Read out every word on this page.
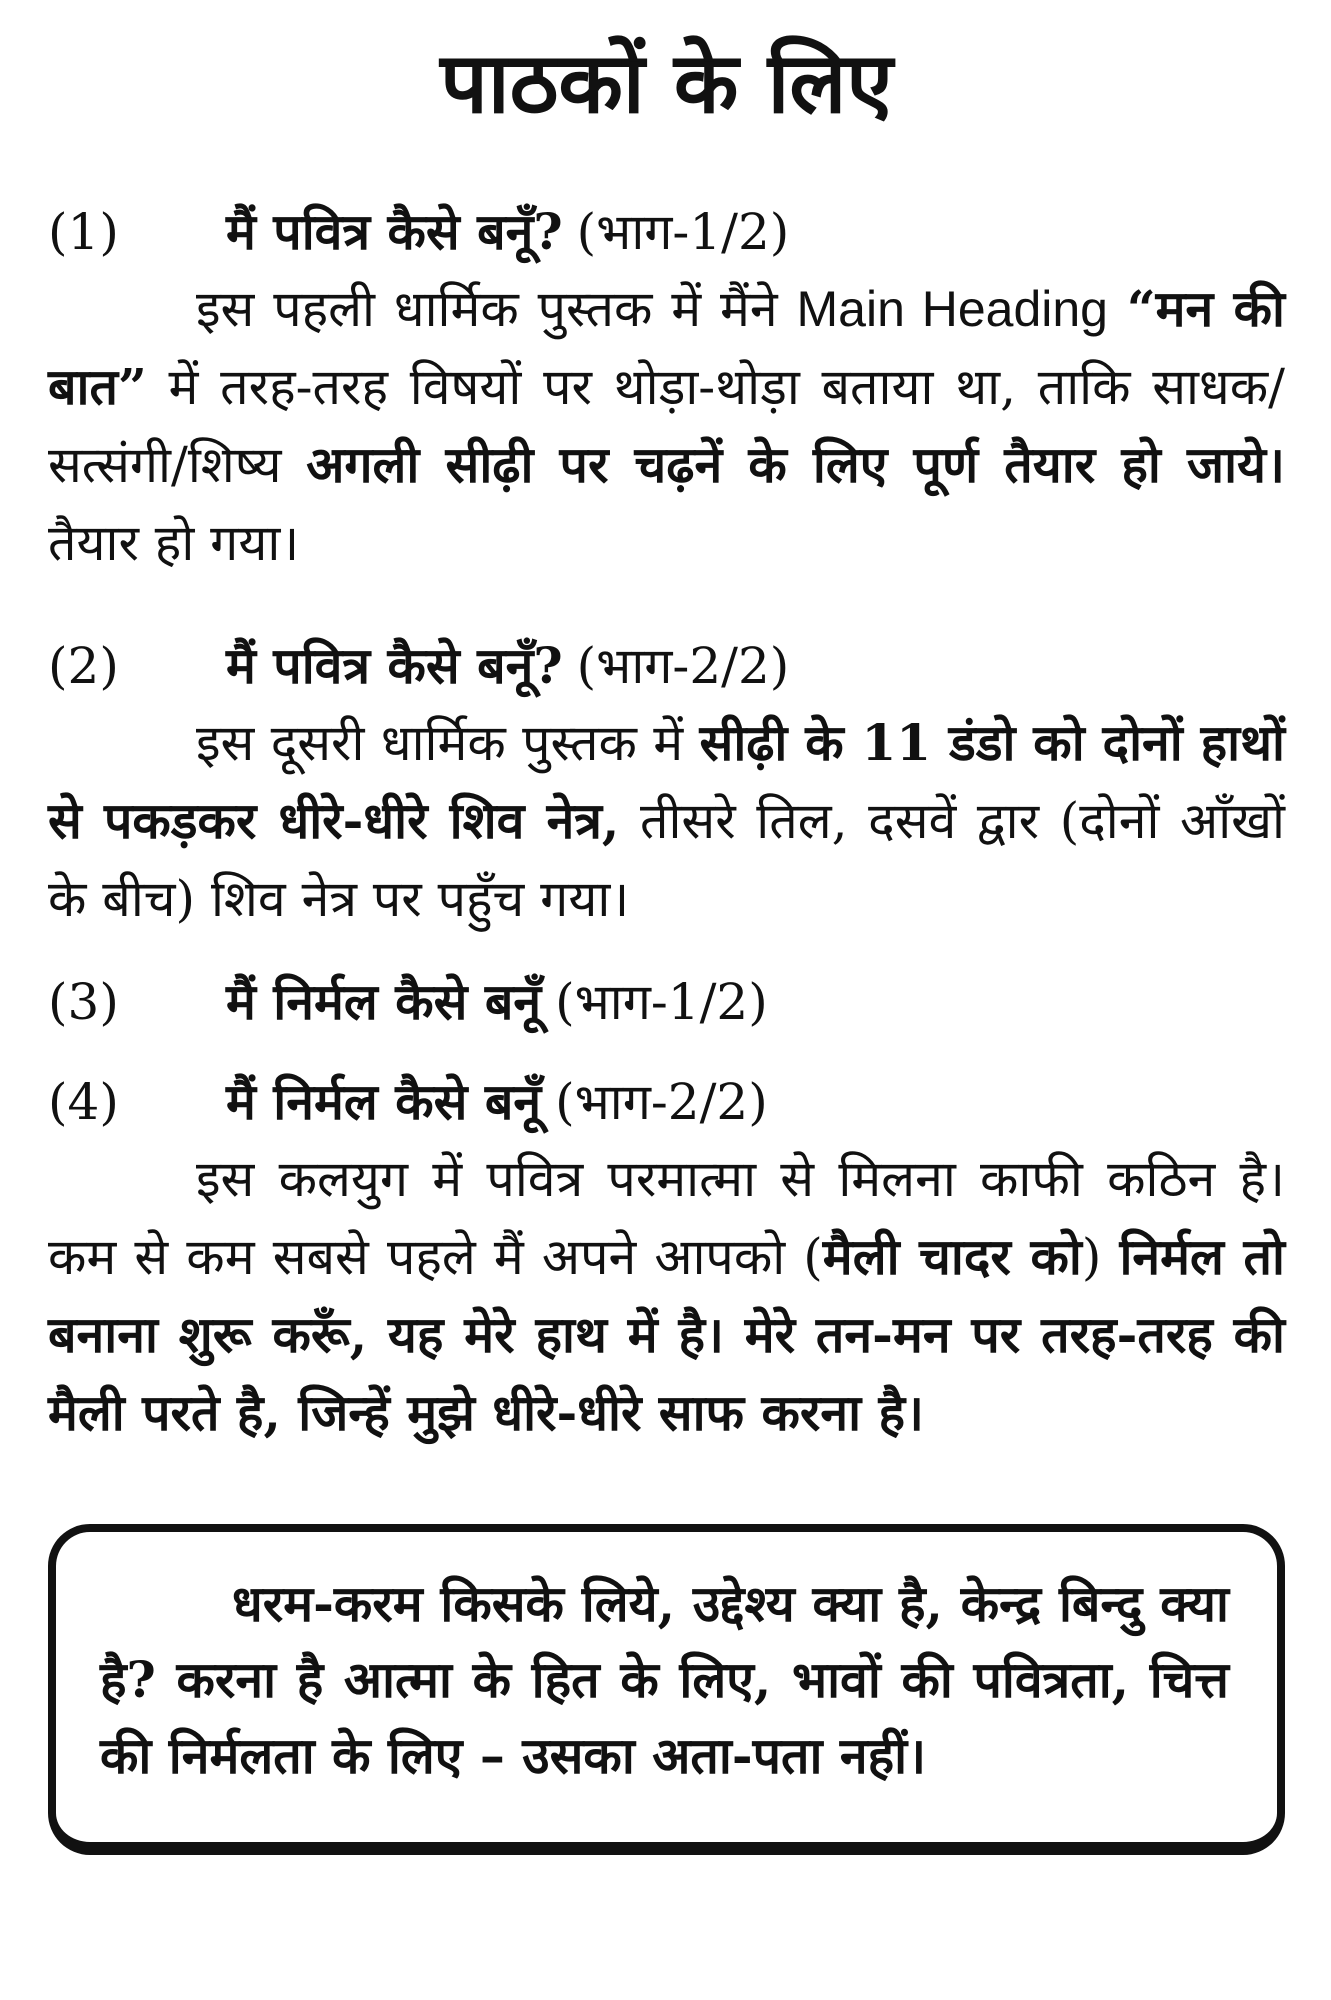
पाठकों के लिए
(1)	मैं पवित्र कैसे बनूँ? (भाग-1/2)

इस पहली धार्मिक पुस्तक में मैंने Main Heading “मन की बात” में तरह-तरह विषयों पर थोड़ा-थोड़ा बताया था, ताकि साधक/सत्संगी/शिष्य अगली सीढ़ी पर चढ़नें के लिए पूर्ण तैयार हो जाये। तैयार हो गया।

(2)	मैं पवित्र कैसे बनूँ? (भाग-2/2)

इस दूसरी धार्मिक पुस्तक में सीढ़ी के 11 डंडो को दोनों हाथों से पकड़कर धीरे-धीरे शिव नेत्र, तीसरे तिल, दसवें द्वार (दोनों आँखों के बीच) शिव नेत्र पर पहुँच गया।

(3)	मैं निर्मल कैसे बनूँ (भाग-1/2)
(4)	मैं निर्मल कैसे बनूँ (भाग-2/2)

इस कलयुग में पवित्र परमात्मा से मिलना काफी कठिन है। कम से कम सबसे पहले मैं अपने आपको (मैली चादर को) निर्मल तो बनाना शुरू करूँ, यह मेरे हाथ में है। मेरे तन-मन पर तरह-तरह की मैली परते है, जिन्हें मुझे धीरे-धीरे साफ करना है।

धरम-करम किसके लिये, उद्देश्य क्या है, केन्द्र बिन्दु क्या है? करना है आत्मा के हित के लिए, भावों की पवित्रता, चित्त की निर्मलता के लिए – उसका अता-पता नहीं।
